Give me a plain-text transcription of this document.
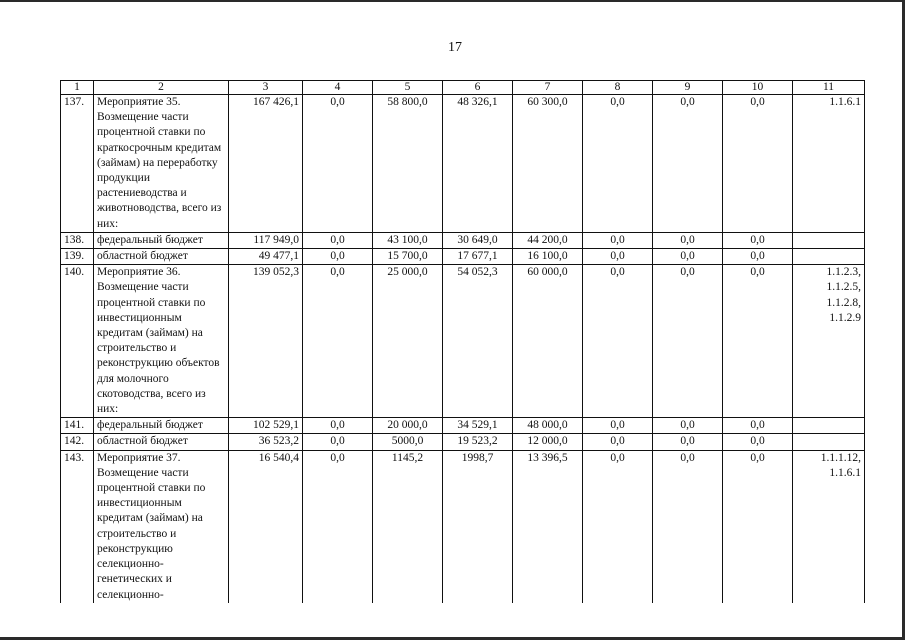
17
1	2	3	4	5	6	7	8	9	10	11
137.	Мероприятие 35. Возмещение части процентной ставки по краткосрочным кредитам (займам) на переработку продукции растениеводства и животноводства, всего из них:	167 426,1	0,0	58 800,0	48 326,1	60 300,0	0,0	0,0	0,0	1.1.6.1
138.	федеральный бюджет	117 949,0	0,0	43 100,0	30 649,0	44 200,0	0,0	0,0	0,0	
139.	областной бюджет	49 477,1	0,0	15 700,0	17 677,1	16 100,0	0,0	0,0	0,0	
140.	Мероприятие 36. Возмещение части процентной ставки по инвестиционным кредитам (займам) на строительство и реконструкцию объектов для молочного скотоводства, всего из них:	139 052,3	0,0	25 000,0	54 052,3	60 000,0	0,0	0,0	0,0	1.1.2.3, 1.1.2.5, 1.1.2.8, 1.1.2.9
141.	федеральный бюджет	102 529,1	0,0	20 000,0	34 529,1	48 000,0	0,0	0,0	0,0	
142.	областной бюджет	36 523,2	0,0	5000,0	19 523,2	12 000,0	0,0	0,0	0,0	
143.	Мероприятие 37. Возмещение части процентной ставки по инвестиционным кредитам (займам) на строительство и реконструкцию селекционно-генетических и селекционно-	16 540,4	0,0	1145,2	1998,7	13 396,5	0,0	0,0	0,0	1.1.1.12, 1.1.6.1
